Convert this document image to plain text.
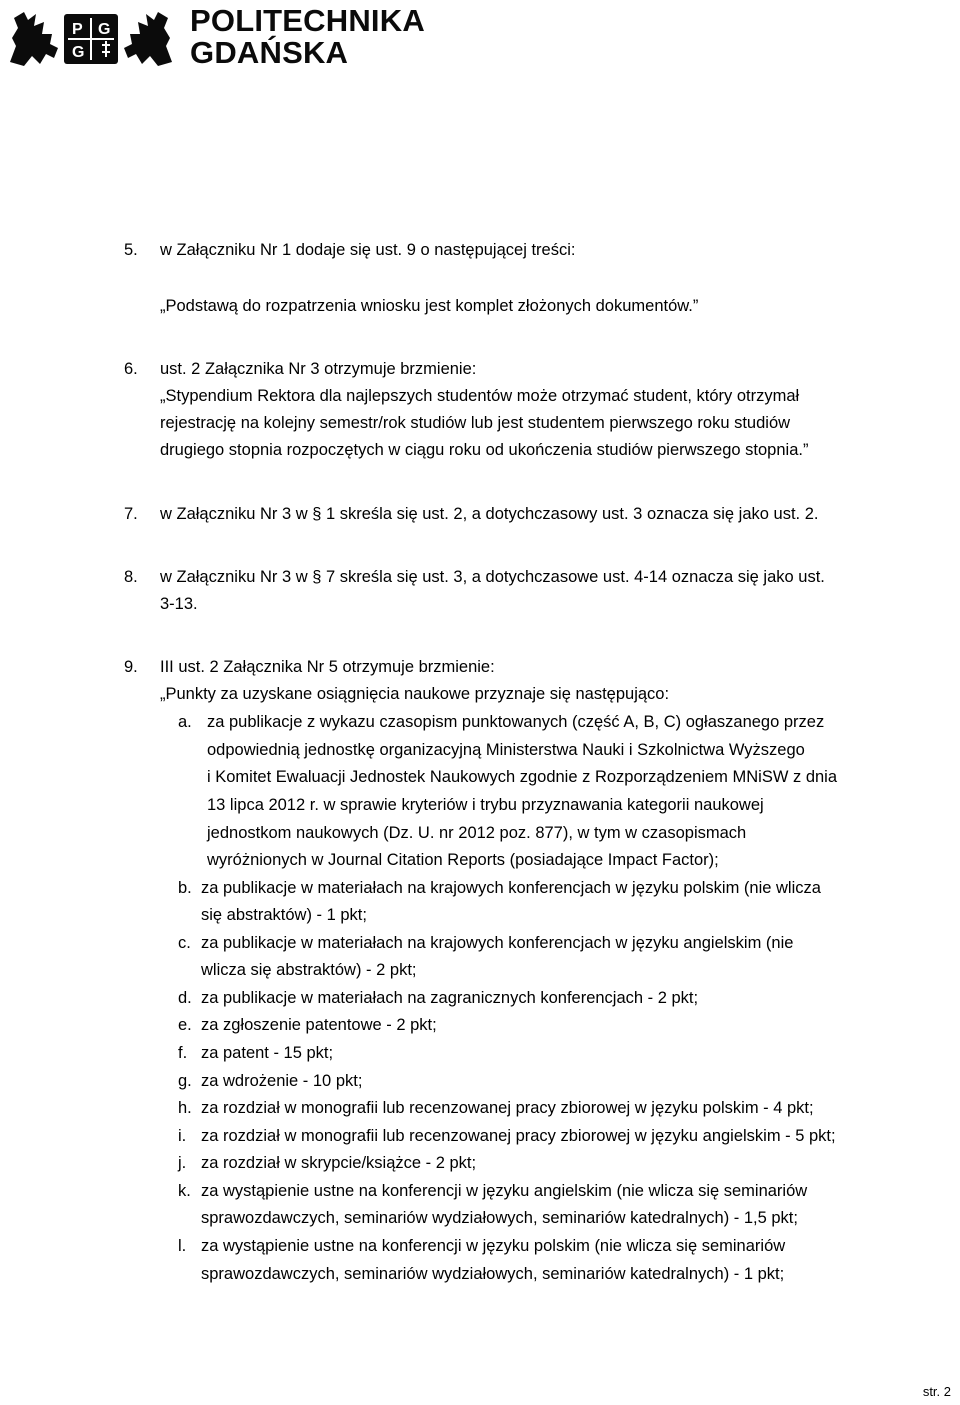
P
G
G	POLITECHNIKA
GDAŃSKA
5. w Załączniku Nr 1 dodaje się ust. 9 o następującej treści:
„Podstawą do rozpatrzenia wniosku jest komplet złożonych dokumentów.”
6. ust. 2 Załącznika Nr 3 otrzymuje brzmienie:
„Stypendium Rektora dla najlepszych studentów może otrzymać student, który otrzymał
rejestrację na kolejny semestr/rok studiów lub jest studentem pierwszego roku studiów
drugiego stopnia rozpoczętych w ciągu roku od ukończenia studiów pierwszego stopnia.”
7. w Załączniku Nr 3 w § 1 skreśla się ust. 2, a dotychczasowy ust. 3 oznacza się jako ust. 2.
8. w Załączniku Nr 3 w § 7 skreśla się ust. 3, a dotychczasowe ust. 4-14 oznacza się jako ust.
3-13.
9. III ust. 2 Załącznika Nr 5 otrzymuje brzmienie:
„Punkty za uzyskane osiągnięcia naukowe przyznaje się następująco:
a. za publikacje z wykazu czasopism punktowanych (część A, B, C) ogłaszanego przez
odpowiednią jednostkę organizacyjną Ministerstwa Nauki i Szkolnictwa Wyższego
i Komitet Ewaluacji Jednostek Naukowych zgodnie z Rozporządzeniem MNiSW z dnia
13 lipca 2012 r. w sprawie kryteriów i trybu przyznawania kategorii naukowej
jednostkom naukowych (Dz. U. nr 2012 poz. 877), w tym w czasopismach
wyróżnionych w Journal Citation Reports (posiadające Impact Factor);
b. za publikacje w materiałach na krajowych konferencjach w języku polskim (nie wlicza
się abstraktów) - 1 pkt;
c. za publikacje w materiałach na krajowych konferencjach w języku angielskim (nie
wlicza się abstraktów) - 2 pkt;
d. za publikacje w materiałach na zagranicznych konferencjach - 2 pkt;
e. za zgłoszenie patentowe - 2 pkt;
f. za patent - 15 pkt;
g. za wdrożenie - 10 pkt;
h. za rozdział w monografii lub recenzowanej pracy zbiorowej w języku polskim - 4 pkt;
i. za rozdział w monografii lub recenzowanej pracy zbiorowej w języku angielskim - 5 pkt;
j. za rozdział w skrypcie/książce - 2 pkt;
k. za wystąpienie ustne na konferencji w języku angielskim (nie wlicza się seminariów
sprawozdawczych, seminariów wydziałowych, seminariów katedralnych) - 1,5 pkt;
l. za wystąpienie ustne na konferencji w języku polskim (nie wlicza się seminariów
sprawozdawczych, seminariów wydziałowych, seminariów katedralnych) - 1 pkt;
str. 2
